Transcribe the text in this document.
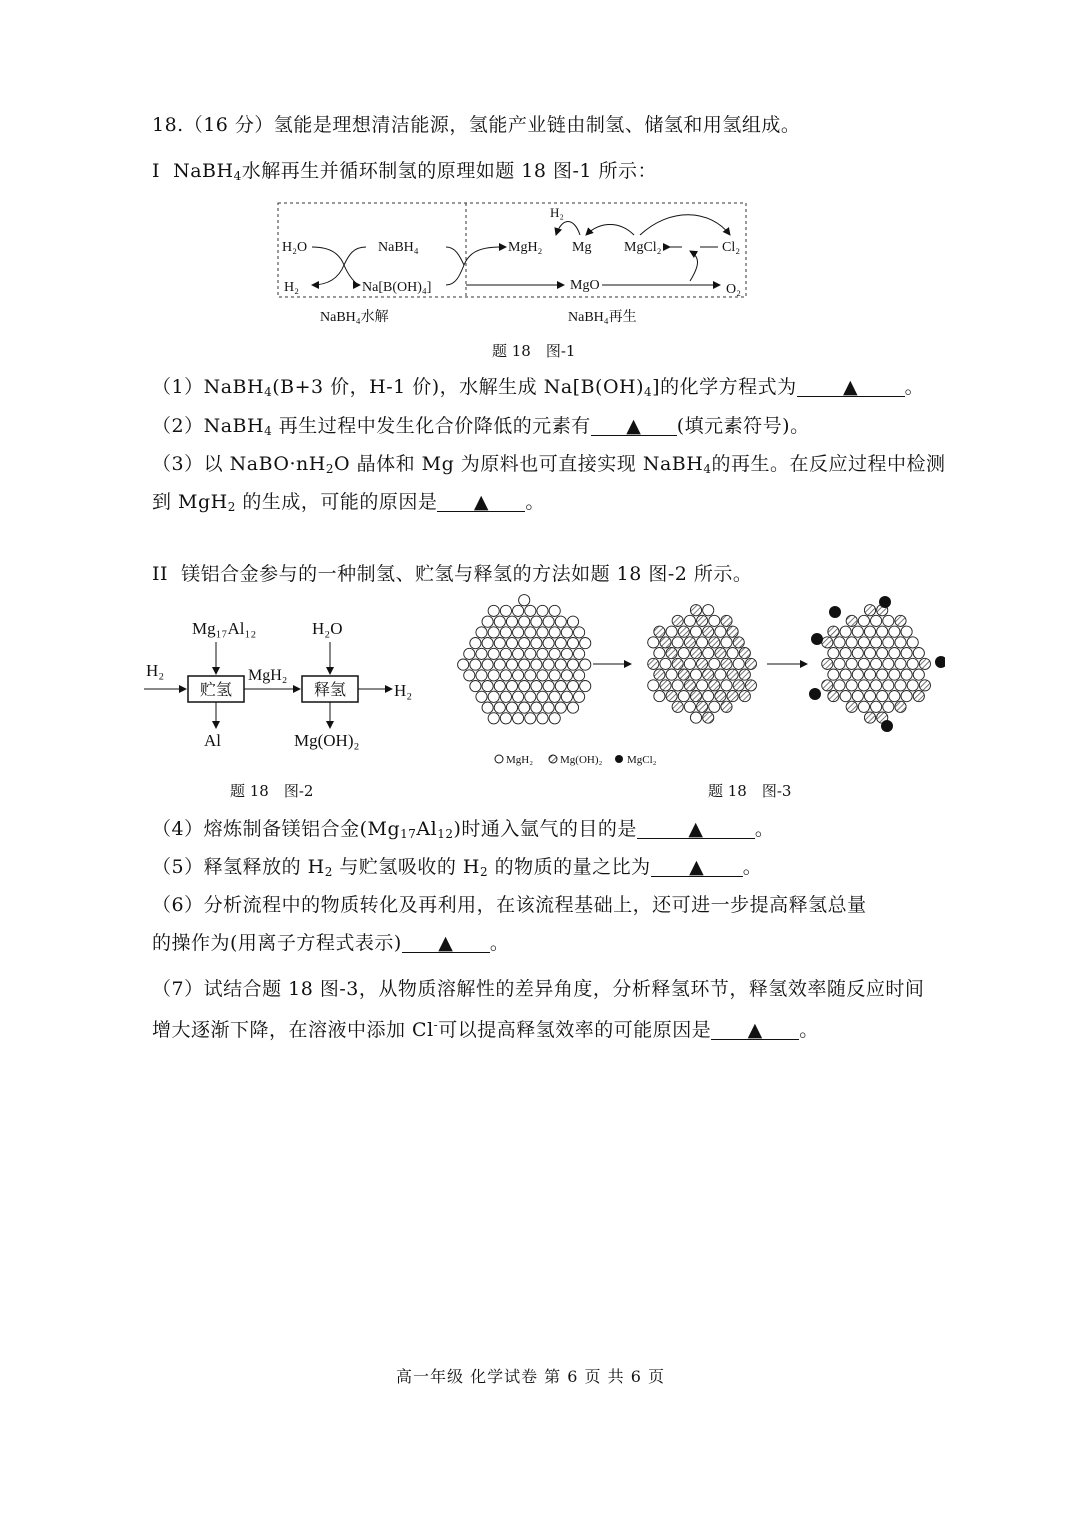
18.（16 分）氢能是理想清洁能源，氢能产业链由制氢、储氢和用氢组成。
I NaBH$_4$水解再生并循环制氢的原理如题 18 图-1 所示：
H₂O
H₂
NaBH₄
Na[B(OH)₄]
MgH₂ Mg MgCl₂	Cl₂
H₂
MgO	O₂
NaBH₄水解	NaBH₄再生
题 18　图-1
（1）NaBH$_4$(B+3 价，H-1 价)，水解生成 $Na[B(OH)_4]$的化学方程式为 ▲ 。
（2）NaBH$_4$ 再生过程中发生化合价降低的元素有 ▲ (填元素符号)。
（3）以 $NaBO\cdot nH_2O$ 晶体和 Mg 为原料也可直接实现 NaBH$_4$的再生。在反应过程中检测
到 MgH$_2$ 的生成，可能的原因是 ▲ 。
II 镁铝合金参与的一种制氢、贮氢与释氢的方法如题 18 图-2 所示。
Mg₁₇Al₁₂	H₂O
H₂
贮氢	释氢
MgH₂
H₂
Al	Mg(OH)₂
题 18　图-2
MgH₂ Mg(OH)₂ MgCl₂
题 18　图-3
（4）熔炼制备镁铝合金$(Mg_{17}Al_{12})$时通入氩气的目的是	▲	。
（5）释氢释放的 $H_2$ 与贮氢吸收的 $H_2$ 的物质的量之比为 ▲ 。
（6）分析流程中的物质转化及再利用，在该流程基础上，还可进一步提高释氢总量
的操作为(用离子方程式表示) ▲ 。
（7）试结合题 18 图-3，从物质溶解性的差异角度，分析释氢环节，释氢效率随反应时间
增大逐渐下降，在溶液中添加 Cl-可以提高释氢效率的可能原因是 ▲ 。
高一年级 化学试卷 第 6 页 共 6 页
